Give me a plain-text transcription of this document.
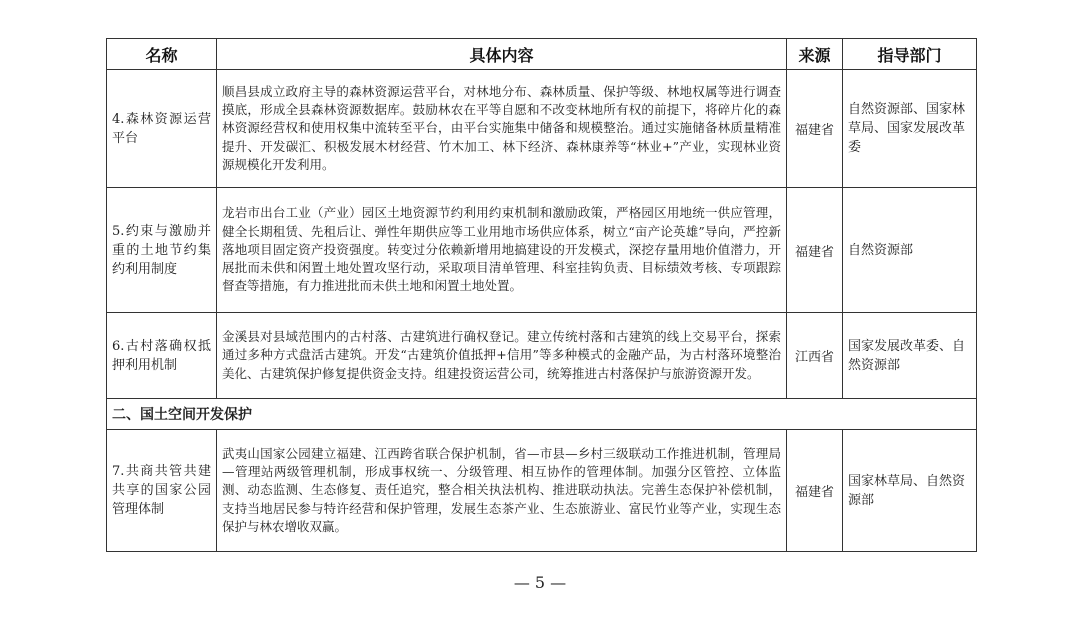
名称	具体内容	来源	指导部门
4.森林资源运营平台	顺昌县成立政府主导的森林资源运营平台，对林地分布、森林质量、保护等级、林地权属等进行调查摸底，形成全县森林资源数据库。鼓励林农在平等自愿和不改变林地所有权的前提下，将碎片化的森林资源经营权和使用权集中流转至平台，由平台实施集中储备和规模整治。通过实施储备林质量精准提升、开发碳汇、积极发展木材经营、竹木加工、林下经济、森林康养等“林业+”产业，实现林业资源规模化开发利用。	福建省	自然资源部、国家林草局、国家发展改革委
5.约束与激励并重的土地节约集约利用制度	龙岩市出台工业（产业）园区土地资源节约利用约束机制和激励政策，严格园区用地统一供应管理，健全长期租赁、先租后让、弹性年期供应等工业用地市场供应体系，树立“亩产论英雄”导向，严控新落地项目固定资产投资强度。转变过分依赖新增用地搞建设的开发模式，深挖存量用地价值潜力，开展批而未供和闲置土地处置攻坚行动，采取项目清单管理、科室挂钩负责、目标绩效考核、专项跟踪督查等措施，有力推进批而未供土地和闲置土地处置。	福建省	自然资源部
6.古村落确权抵押利用机制	金溪县对县域范围内的古村落、古建筑进行确权登记。建立传统村落和古建筑的线上交易平台，探索通过多种方式盘活古建筑。开发“古建筑价值抵押+信用”等多种模式的金融产品，为古村落环境整治美化、古建筑保护修复提供资金支持。组建投资运营公司，统筹推进古村落保护与旅游资源开发。	江西省	国家发展改革委、自然资源部
二、国土空间开发保护			
7.共商共管共建共享的国家公园管理体制	武夷山国家公园建立福建、江西跨省联合保护机制，省—市县—乡村三级联动工作推进机制，管理局—管理站两级管理机制，形成事权统一、分级管理、相互协作的管理体制。加强分区管控、立体监测、动态监测、生态修复、责任追究，整合相关执法机构、推进联动执法。完善生态保护补偿机制，支持当地居民参与特许经营和保护管理，发展生态茶产业、生态旅游业、富民竹业等产业，实现生态保护与林农增收双赢。	福建省	国家林草局、自然资源部
— 5 —
